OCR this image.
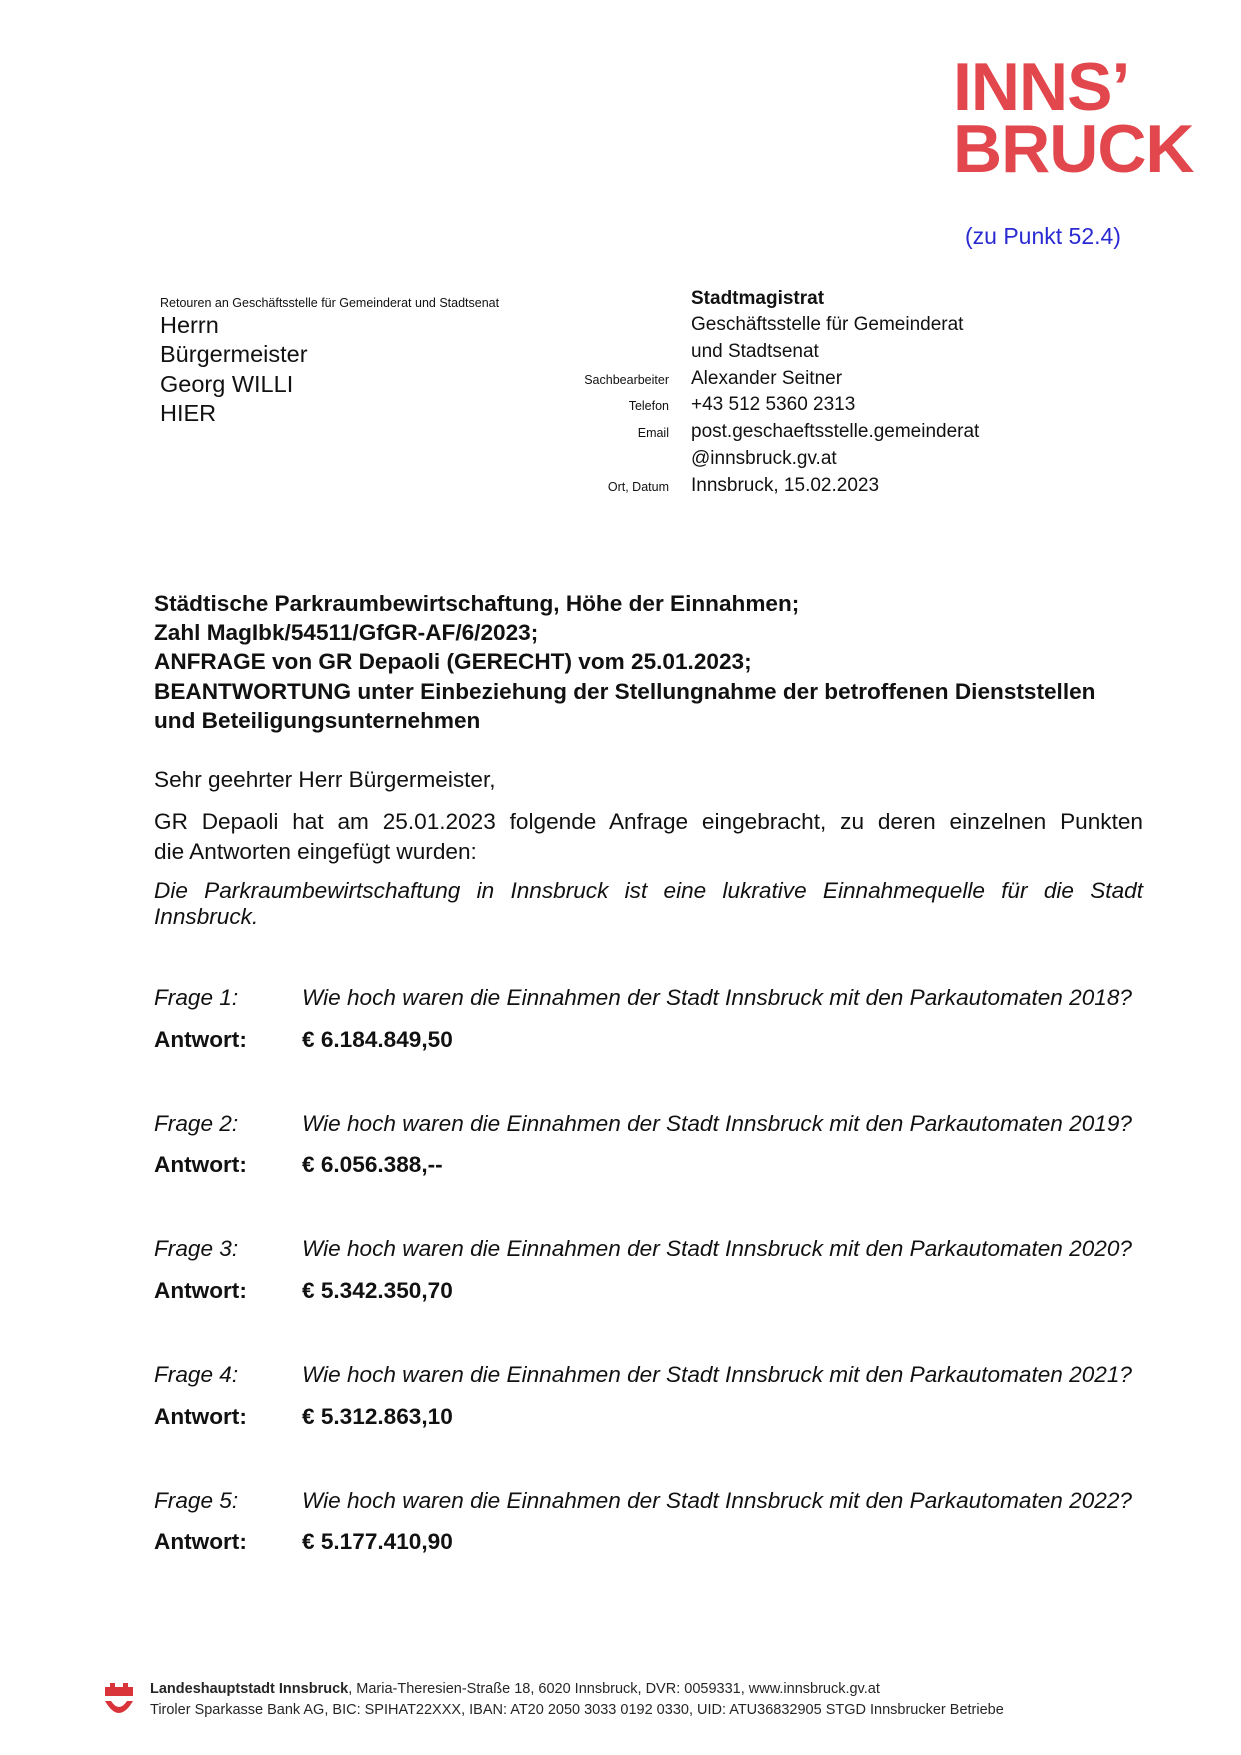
INNS’
BRUCK
(zu Punkt 52.4)
Retouren an Geschäftsstelle für Gemeinderat und Stadtsenat
Herrn
Bürgermeister
Georg WILLI
HIER
Stadtmagistrat
Geschäftsstelle für Gemeinderat
und Stadtsenat
Sachbearbeiter Alexander Seitner
Telefon +43 512 5360 2313
Email post.geschaeftsstelle.gemeinderat
@innsbruck.gv.at
Ort, Datum Innsbruck, 15.02.2023
Städtische Parkraumbewirtschaftung, Höhe der Einnahmen;
Zahl MagIbk/54511/GfGR-AF/6/2023;
ANFRAGE von GR Depaoli (GERECHT) vom 25.01.2023;
BEANTWORTUNG unter Einbeziehung der Stellungnahme der betroffenen Dienststellen
und Beteiligungsunternehmen
Sehr geehrter Herr Bürgermeister,
GR Depaoli hat am 25.01.2023 folgende Anfrage eingebracht, zu deren einzelnen Punkten
die Antworten eingefügt wurden:
Die Parkraumbewirtschaftung in Innsbruck ist eine lukrative Einnahmequelle für die Stadt
Innsbruck.
Frage 1:	Wie hoch waren die Einnahmen der Stadt Innsbruck mit den Parkautomaten 2018?
Antwort:	€ 6.184.849,50
Frage 2:	Wie hoch waren die Einnahmen der Stadt Innsbruck mit den Parkautomaten 2019?
Antwort:	€ 6.056.388,--
Frage 3:	Wie hoch waren die Einnahmen der Stadt Innsbruck mit den Parkautomaten 2020?
Antwort:	€ 5.342.350,70
Frage 4:	Wie hoch waren die Einnahmen der Stadt Innsbruck mit den Parkautomaten 2021?
Antwort:	€ 5.312.863,10
Frage 5:	Wie hoch waren die Einnahmen der Stadt Innsbruck mit den Parkautomaten 2022?
Antwort:	€ 5.177.410,90
Landeshauptstadt Innsbruck, Maria-Theresien-Straße 18, 6020 Innsbruck, DVR: 0059331, www.innsbruck.gv.at
Tiroler Sparkasse Bank AG, BIC: SPIHAT22XXX, IBAN: AT20 2050 3033 0192 0330, UID: ATU36832905 STGD Innsbrucker Betriebe
